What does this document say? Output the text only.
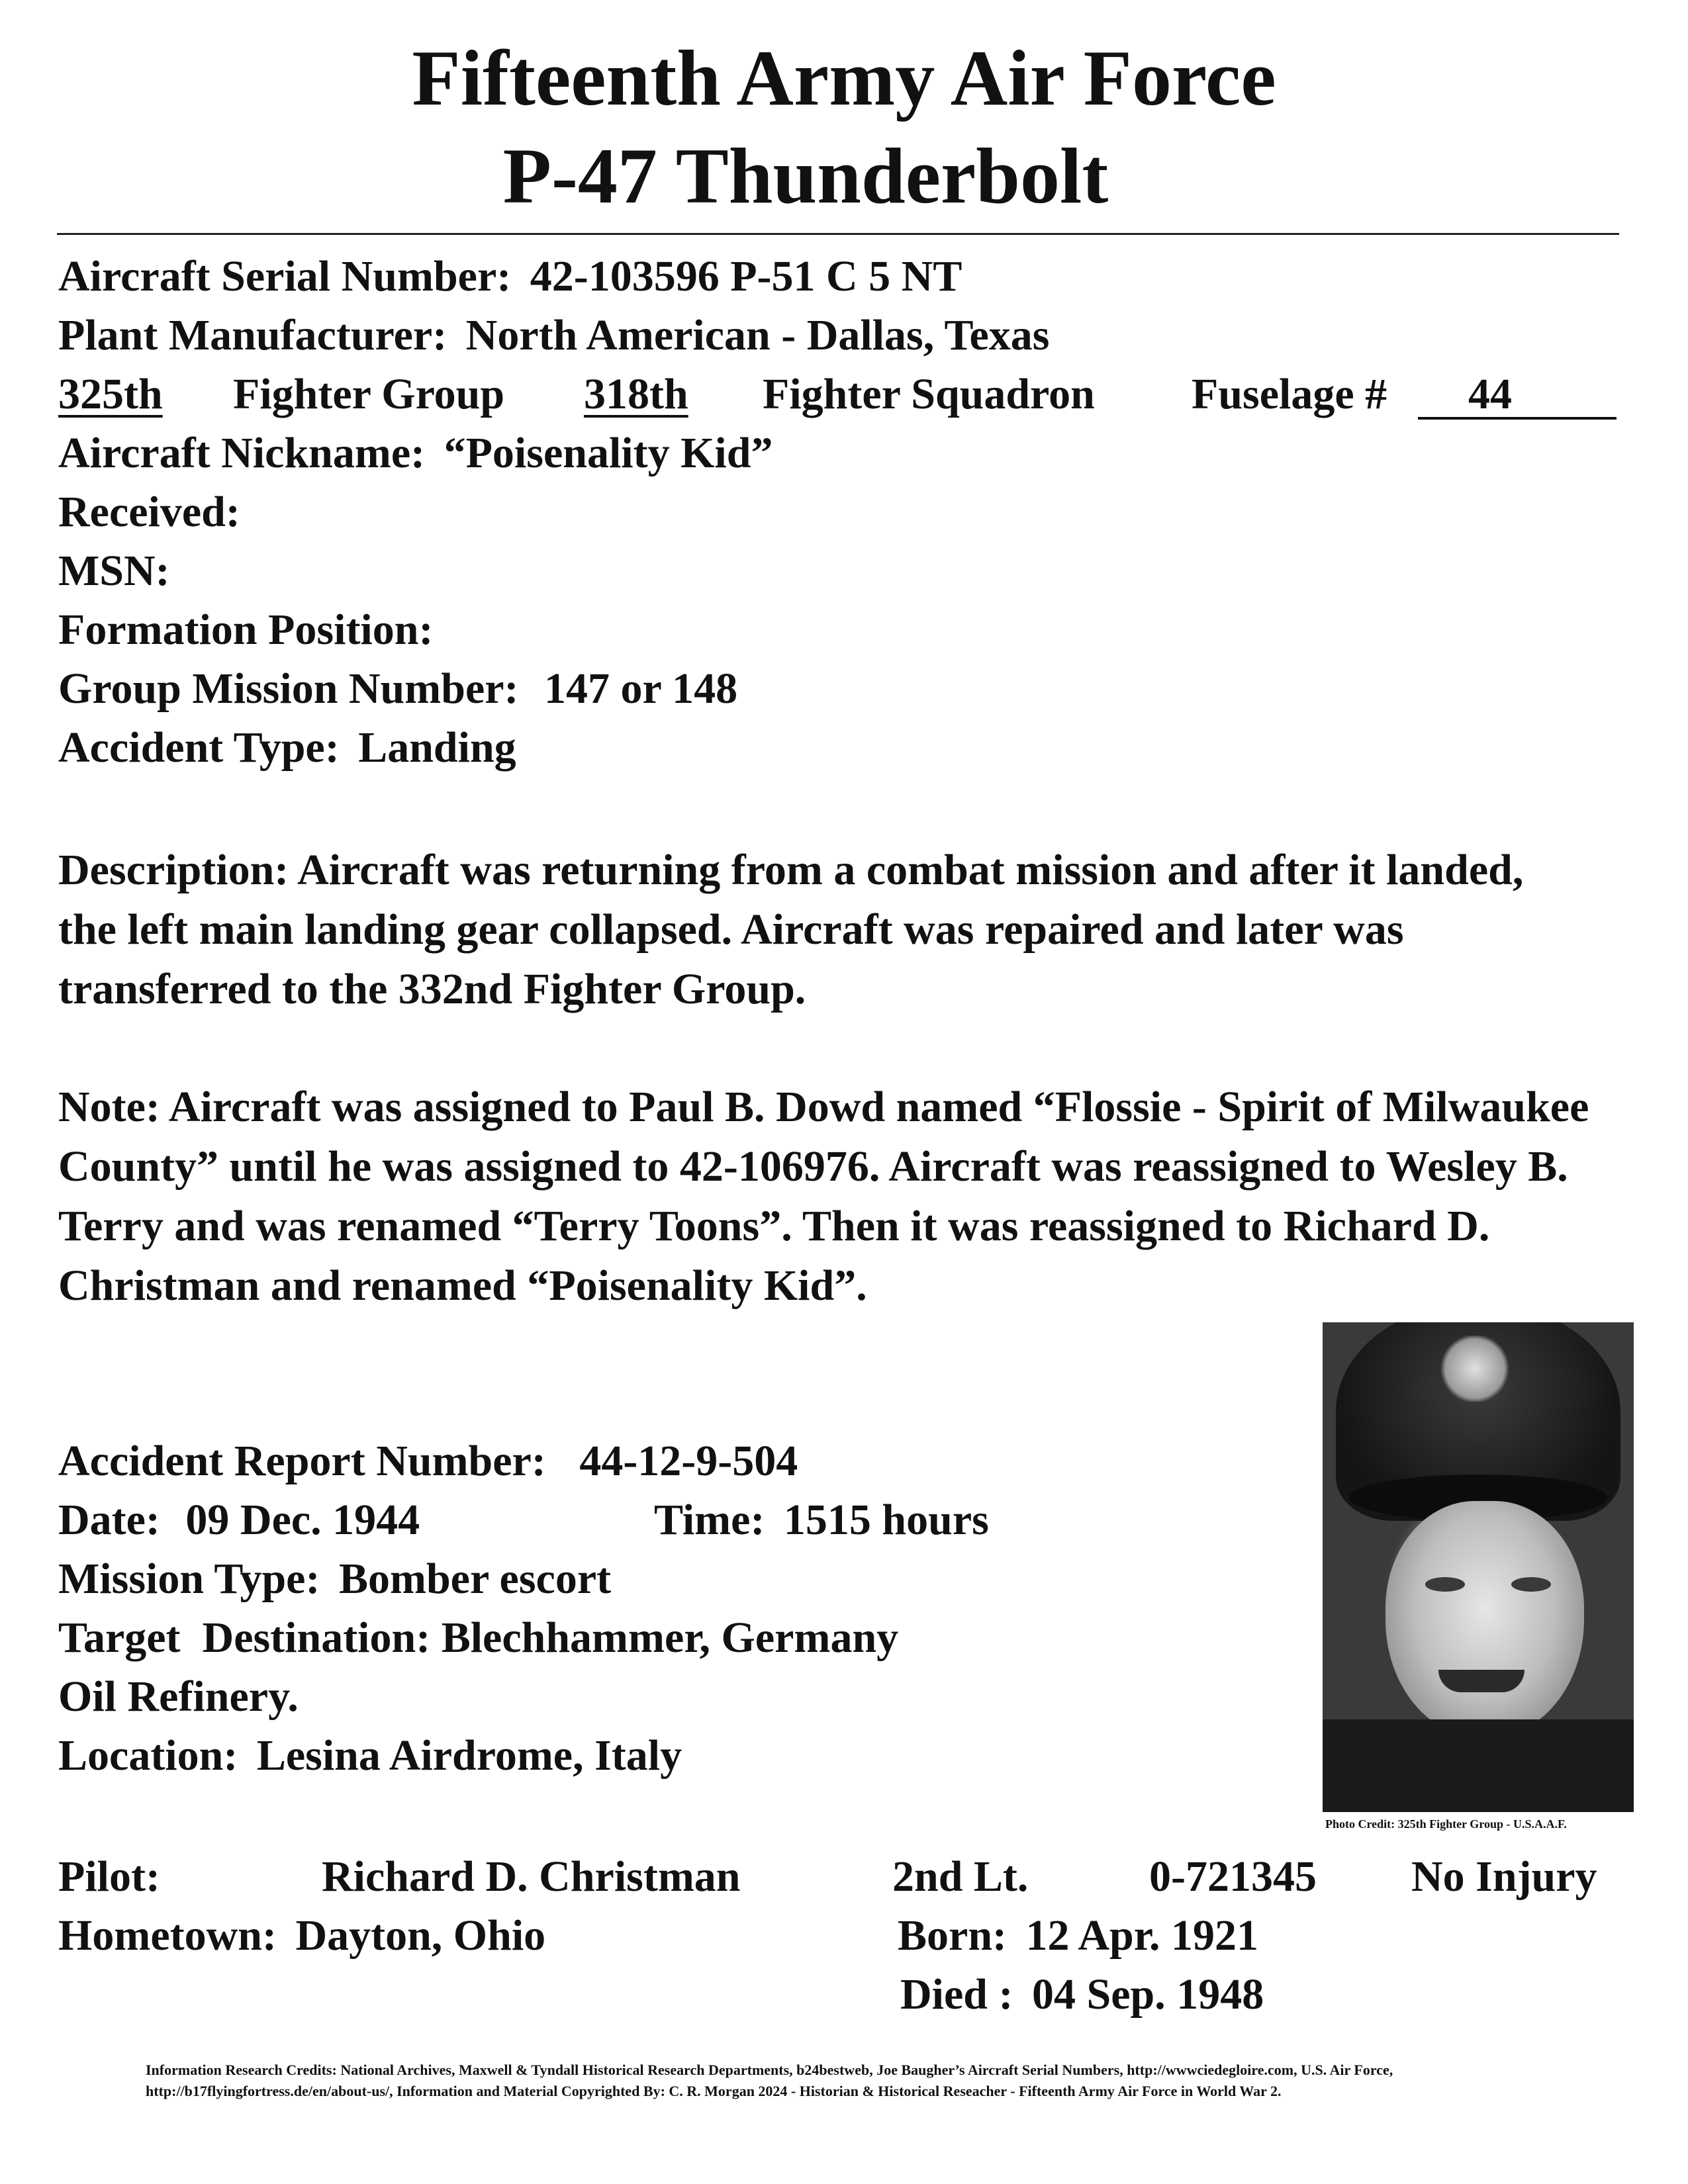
Fifteenth Army Air Force
P-47 Thunderbolt
Aircraft Serial Number: 42-103596 P-51 C 5 NT
Plant Manufacturer: North American - Dallas, Texas
325th	Fighter Group 318th	Fighter Squadron Fuselage # 44
Aircraft Nickname: “Poisenality Kid”
Received:
MSN:
Formation Position:
Group Mission Number: 147 or 148
Accident Type: Landing
Description: Aircraft was returning from a combat mission and after it landed, the left main landing gear collapsed. Aircraft was repaired and later was transferred to the 332nd Fighter Group.
Note: Aircraft was assigned to Paul B. Dowd named “Flossie - Spirit of Milwaukee County” until he was assigned to 42-106976. Aircraft was reassigned to Wesley B. Terry and was renamed “Terry Toons”. Then it was reassigned to Richard D. Christman and renamed “Poisenality Kid”.
Accident Report Number: 44-12-9-504
Date: 09 Dec. 1944	Time: 1515 hours
Mission Type: Bomber escort
Target  Destination: Blechhammer, Germany
Oil Refinery.
Location: Lesina Airdrome, Italy
Photo Credit: 325th Fighter Group - U.S.A.A.F.
Pilot:	Richard D. Christman	2nd Lt.	0-721345 No Injury
Hometown: Dayton, Ohio	Born: 12 Apr. 1921
Died : 04 Sep. 1948
Information Research Credits: National Archives, Maxwell & Tyndall Historical Research Departments, b24bestweb, Joe Baugher’s Aircraft Serial Numbers, http://wwwciedegloire.com, U.S. Air Force, http://b17flyingfortress.de/en/about-us/, Information and Material Copyrighted By: C. R. Morgan 2024 - Historian & Historical Reseacher - Fifteenth Army Air Force in World War 2.
